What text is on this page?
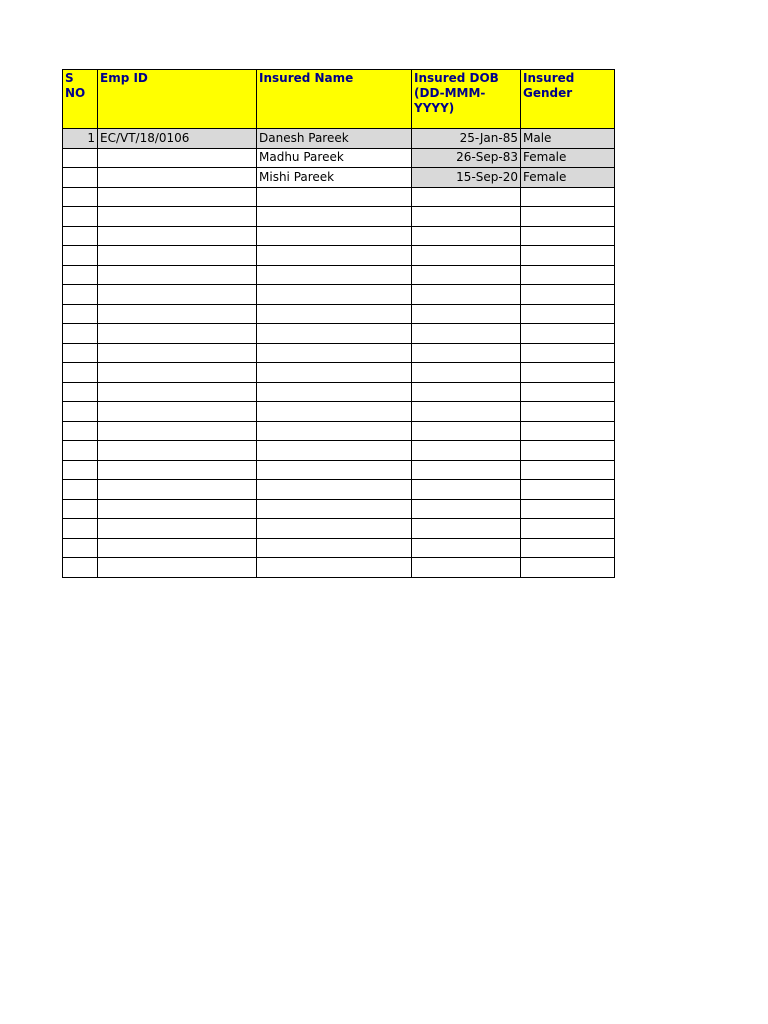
S NO	Emp ID	Insured Name	Insured DOB (DD-MMM-YYYY)	Insured Gender
1	EC/VT/18/0106	Danesh Pareek	25-Jan-85	Male
		Madhu Pareek	26-Sep-83	Female
		Mishi Pareek	15-Sep-20	Female
